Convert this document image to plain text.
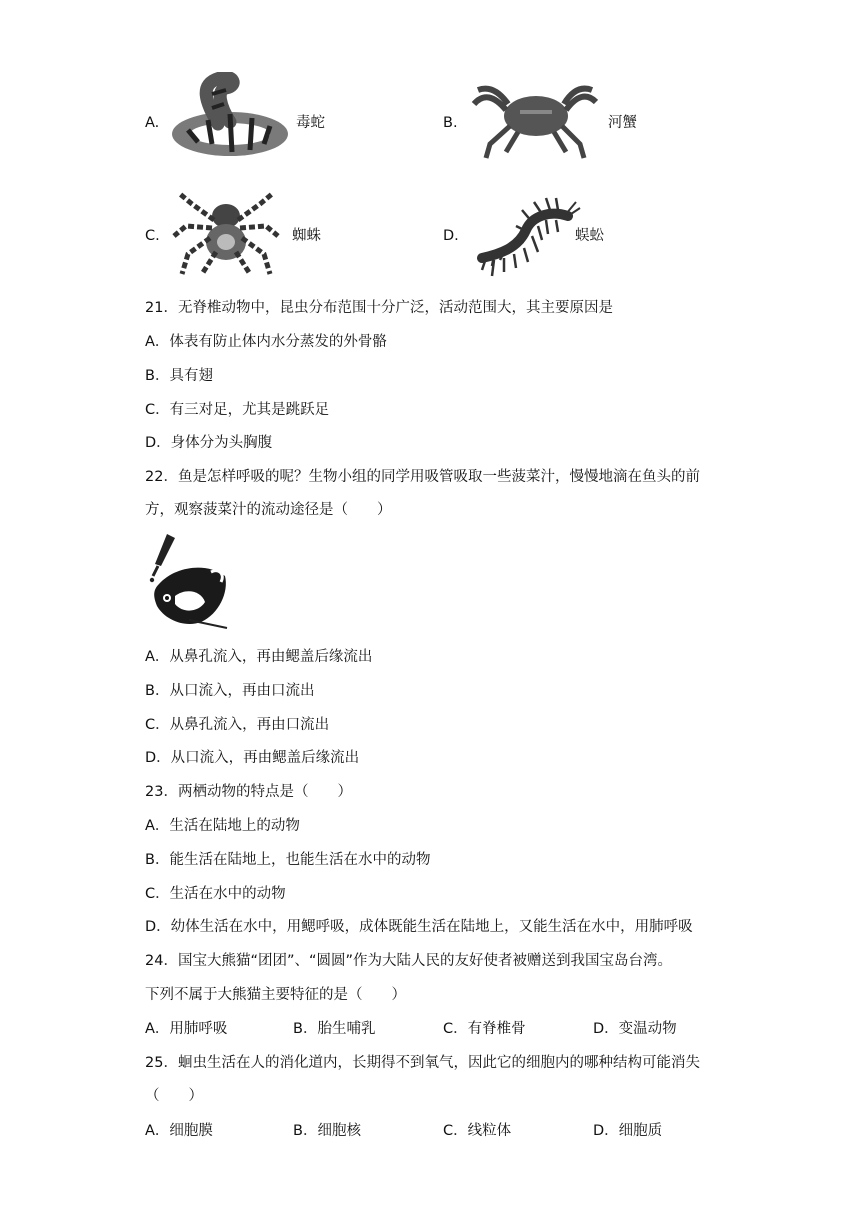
A.	毒蛇	B.	河蟹
C.	蜘蛛	D.	蜈蚣
21．无脊椎动物中，昆虫分布范围十分广泛，活动范围大，其主要原因是
A．体表有防止体内水分蒸发的外骨骼
B．具有翅
C．有三对足，尤其是跳跃足
D．身体分为头胸腹
22．鱼是怎样呼吸的呢？生物小组的同学用吸管吸取一些菠菜汁，慢慢地滴在鱼头的前
方，观察菠菜汁的流动途径是（　　）
A．从鼻孔流入，再由鳃盖后缘流出
B．从口流入，再由口流出
C．从鼻孔流入，再由口流出
D．从口流入，再由鳃盖后缘流出
23．两栖动物的特点是（　　）
A．生活在陆地上的动物
B．能生活在陆地上，也能生活在水中的动物
C．生活在水中的动物
D．幼体生活在水中，用鳃呼吸，成体既能生活在陆地上，又能生活在水中，用肺呼吸
24．国宝大熊猫“团团”、“圆圆”作为大陆人民的友好使者被赠送到我国宝岛台湾。
下列不属于大熊猫主要特征的是（　　）
A．用肺呼吸	B．胎生哺乳	C．有脊椎骨	D．变温动物
25．蛔虫生活在人的消化道内，长期得不到氧气，因此它的细胞内的哪种结构可能消失
（　　）
A．细胞膜	B．细胞核	C．线粒体	D．细胞质
